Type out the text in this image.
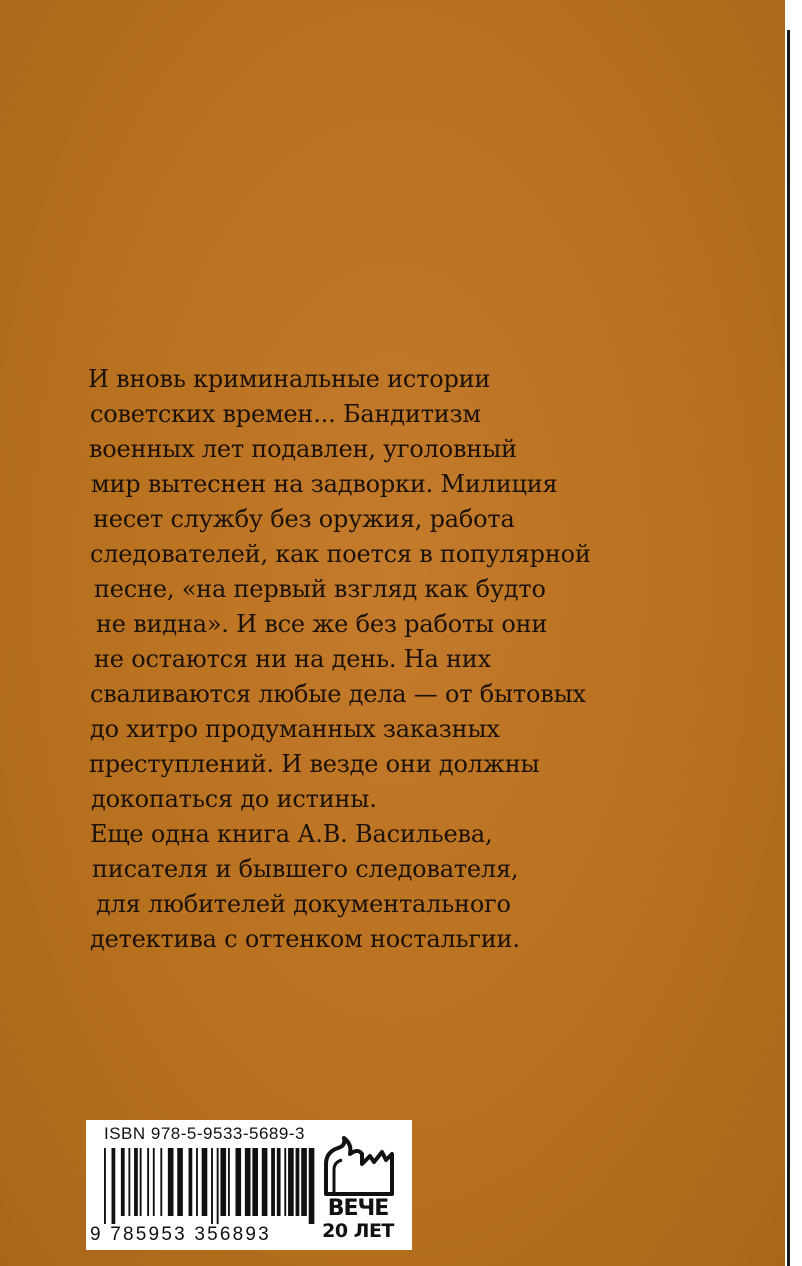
И вновь криминальные истории
советских времен... Бандитизм
военных лет подавлен, уголовный
мир вытеснен на задворки. Милиция
несет службу без оружия, работа
следователей, как поется в популярной
песне, «на первый взгляд как будто
не видна». И все же без работы они
не остаются ни на день. На них
сваливаются любые дела — от бытовых
до хитро продуманных заказных
преступлений. И везде они должны
докопаться до истины.
Еще одна книга А.В. Васильева,
писателя и бывшего следователя,
для любителей документального
детектива с оттенком ностальгии.

ISBN 978-5-9533-5689-3
9 785953 356893
ВЕЧЕ
20 ЛЕТ
